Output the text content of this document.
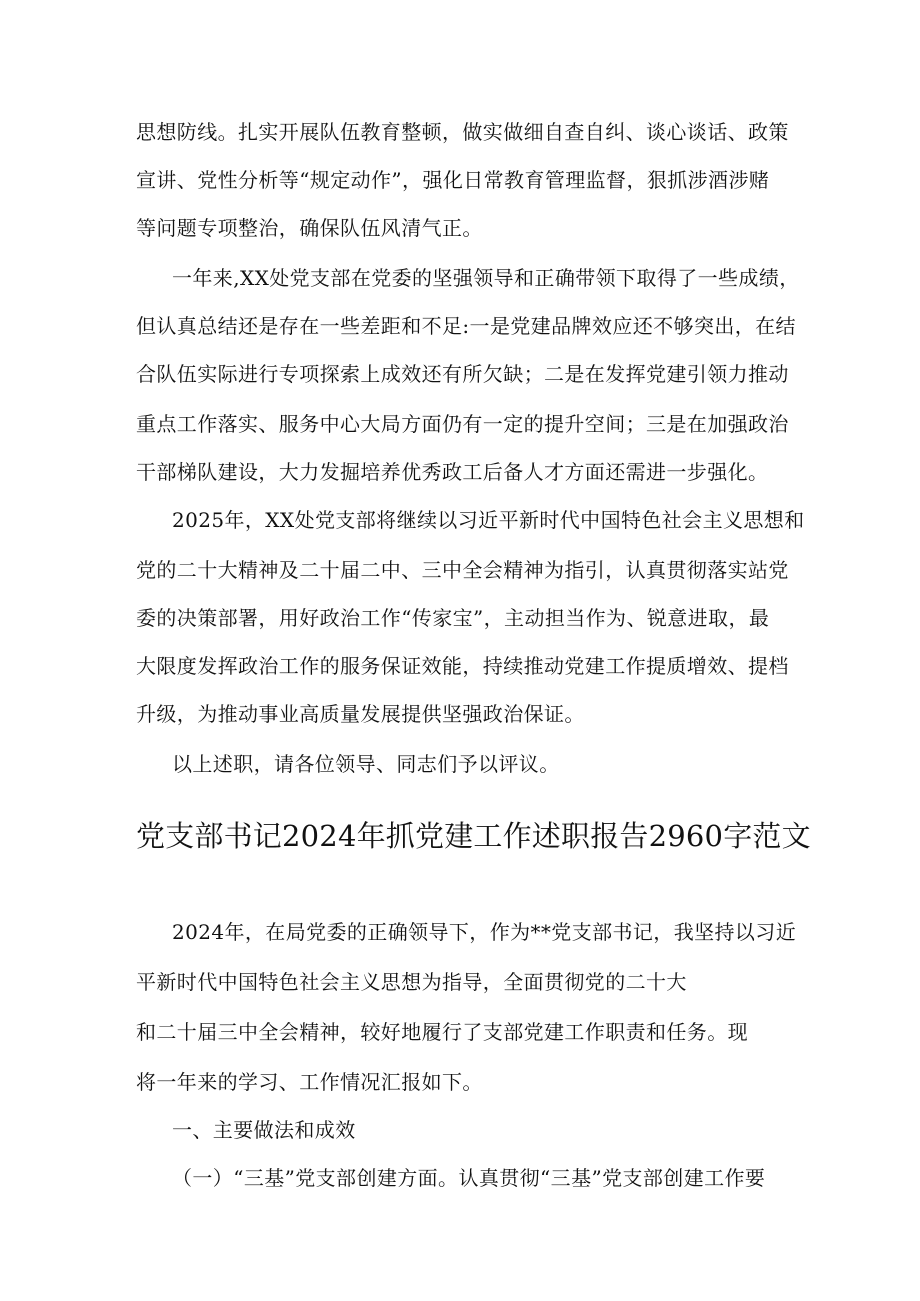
思想防线。扎实开展队伍教育整顿，做实做细自查自纠、谈心谈话、政策
宣讲、党性分析等“规定动作”，强化日常教育管理监督，狠抓涉酒涉赌
等问题专项整治，确保队伍风清气正。
一年来,XX处党支部在党委的坚强领导和正确带领下取得了一些成绩，
但认真总结还是存在一些差距和不足:一是党建品牌效应还不够突出，在结
合队伍实际进行专项探索上成效还有所欠缺；二是在发挥党建引领力推动
重点工作落实、服务中心大局方面仍有一定的提升空间；三是在加强政治
干部梯队建设，大力发掘培养优秀政工后备人才方面还需进一步强化。
2025年，XX处党支部将继续以习近平新时代中国特色社会主义思想和
党的二十大精神及二十届二中、三中全会精神为指引，认真贯彻落实站党
委的决策部署，用好政治工作“传家宝”，主动担当作为、锐意进取，最
大限度发挥政治工作的服务保证效能，持续推动党建工作提质增效、提档
升级，为推动事业高质量发展提供坚强政治保证。
以上述职，请各位领导、同志们予以评议。
党支部书记2024年抓党建工作述职报告2960字范文
2024年，在局党委的正确领导下，作为**党支部书记，我坚持以习近
平新时代中国特色社会主义思想为指导，全面贯彻党的二十大
和二十届三中全会精神，较好地履行了支部党建工作职责和任务。现
将一年来的学习、工作情况汇报如下。
一、主要做法和成效
（一）“三基”党支部创建方面。认真贯彻“三基”党支部创建工作要
